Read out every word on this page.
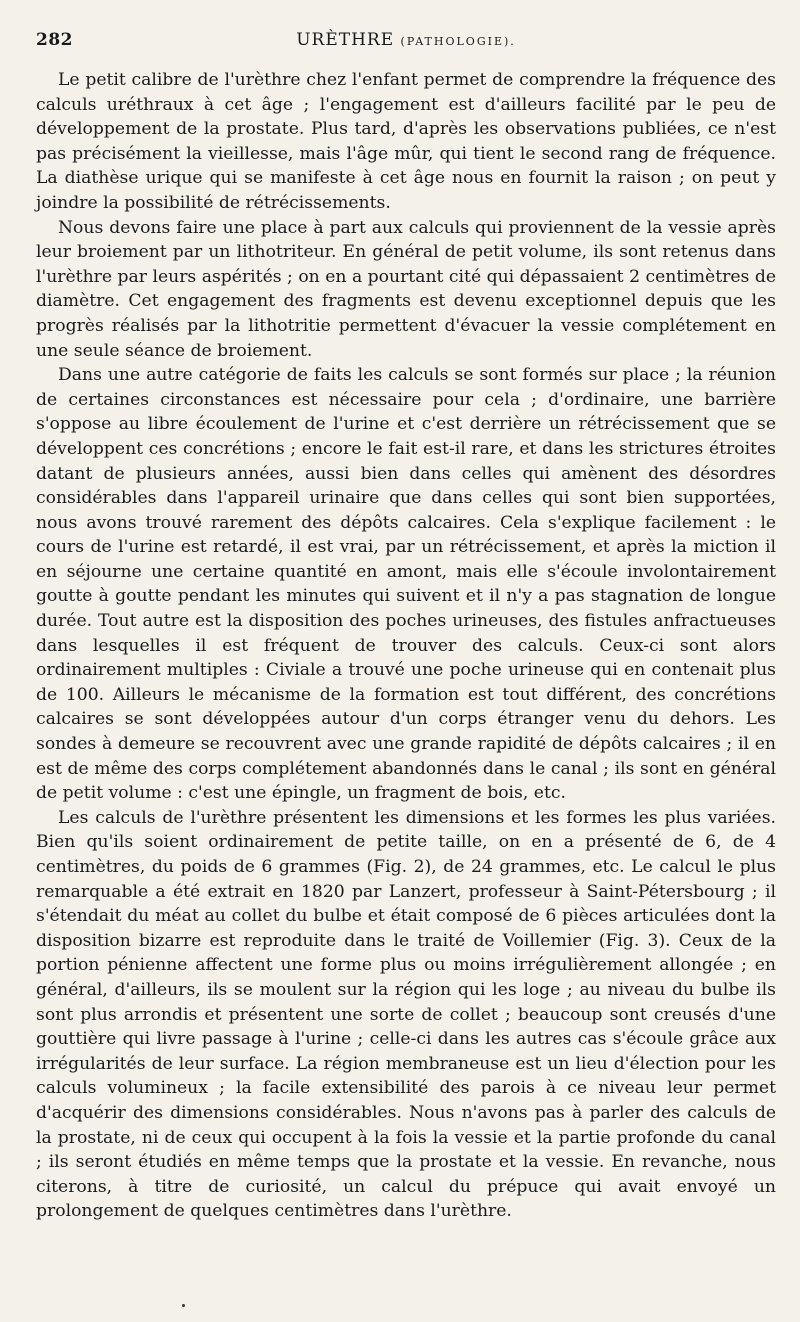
282	URÈTHRE (PATHOLOGIE).

Le petit calibre de l'urèthre chez l'enfant permet de comprendre la fréquence des calculs uréthraux à cet âge ; l'engagement est d'ailleurs facilité par le peu de développement de la prostate. Plus tard, d'après les observations publiées, ce n'est pas précisément la vieillesse, mais l'âge mûr, qui tient le second rang de fréquence. La diathèse urique qui se manifeste à cet âge nous en fournit la raison ; on peut y joindre la possibilité de rétrécissements.

Nous devons faire une place à part aux calculs qui proviennent de la vessie après leur broiement par un lithotriteur. En général de petit volume, ils sont retenus dans l'urèthre par leurs aspérités ; on en a pourtant cité qui dépassaient 2 centimètres de diamètre. Cet engagement des fragments est devenu exceptionnel depuis que les progrès réalisés par la lithotritie permettent d'évacuer la vessie complétement en une seule séance de broiement.

Dans une autre catégorie de faits les calculs se sont formés sur place ; la réunion de certaines circonstances est nécessaire pour cela ; d'ordinaire, une barrière s'oppose au libre écoulement de l'urine et c'est derrière un rétrécissement que se développent ces concrétions ; encore le fait est-il rare, et dans les strictures étroites datant de plusieurs années, aussi bien dans celles qui amènent des désordres considérables dans l'appareil urinaire que dans celles qui sont bien supportées, nous avons trouvé rarement des dépôts calcaires. Cela s'explique facilement : le cours de l'urine est retardé, il est vrai, par un rétrécissement, et après la miction il en séjourne une certaine quantité en amont, mais elle s'écoule involontairement goutte à goutte pendant les minutes qui suivent et il n'y a pas stagnation de longue durée. Tout autre est la disposition des poches urineuses, des fistules anfractueuses dans lesquelles il est fréquent de trouver des calculs. Ceux-ci sont alors ordinairement multiples : Civiale a trouvé une poche urineuse qui en contenait plus de 100. Ailleurs le mécanisme de la formation est tout différent, des concrétions calcaires se sont développées autour d'un corps étranger venu du dehors. Les sondes à demeure se recouvrent avec une grande rapidité de dépôts calcaires ; il en est de même des corps complétement abandonnés dans le canal ; ils sont en général de petit volume : c'est une épingle, un fragment de bois, etc.

Les calculs de l'urèthre présentent les dimensions et les formes les plus variées. Bien qu'ils soient ordinairement de petite taille, on en a présenté de 6, de 4 centimètres, du poids de 6 grammes (Fig. 2), de 24 grammes, etc. Le calcul le plus remarquable a été extrait en 1820 par Lanzert, professeur à Saint-Pétersbourg ; il s'étendait du méat au collet du bulbe et était composé de 6 pièces articulées dont la disposition bizarre est reproduite dans le traité de Voillemier (Fig. 3). Ceux de la portion pénienne affectent une forme plus ou moins irrégulièrement allongée ; en général, d'ailleurs, ils se moulent sur la région qui les loge ; au niveau du bulbe ils sont plus arrondis et présentent une sorte de collet ; beaucoup sont creusés d'une gouttière qui livre passage à l'urine ; celle-ci dans les autres cas s'écoule grâce aux irrégularités de leur surface. La région membraneuse est un lieu d'élection pour les calculs volumineux ; la facile extensibilité des parois à ce niveau leur permet d'acquérir des dimensions considérables. Nous n'avons pas à parler des calculs de la prostate, ni de ceux qui occupent à la fois la vessie et la partie profonde du canal ; ils seront étudiés en même temps que la prostate et la vessie. En revanche, nous citerons, à titre de curiosité, un calcul du prépuce qui avait envoyé un prolongement de quelques centimètres dans l'urèthre.
